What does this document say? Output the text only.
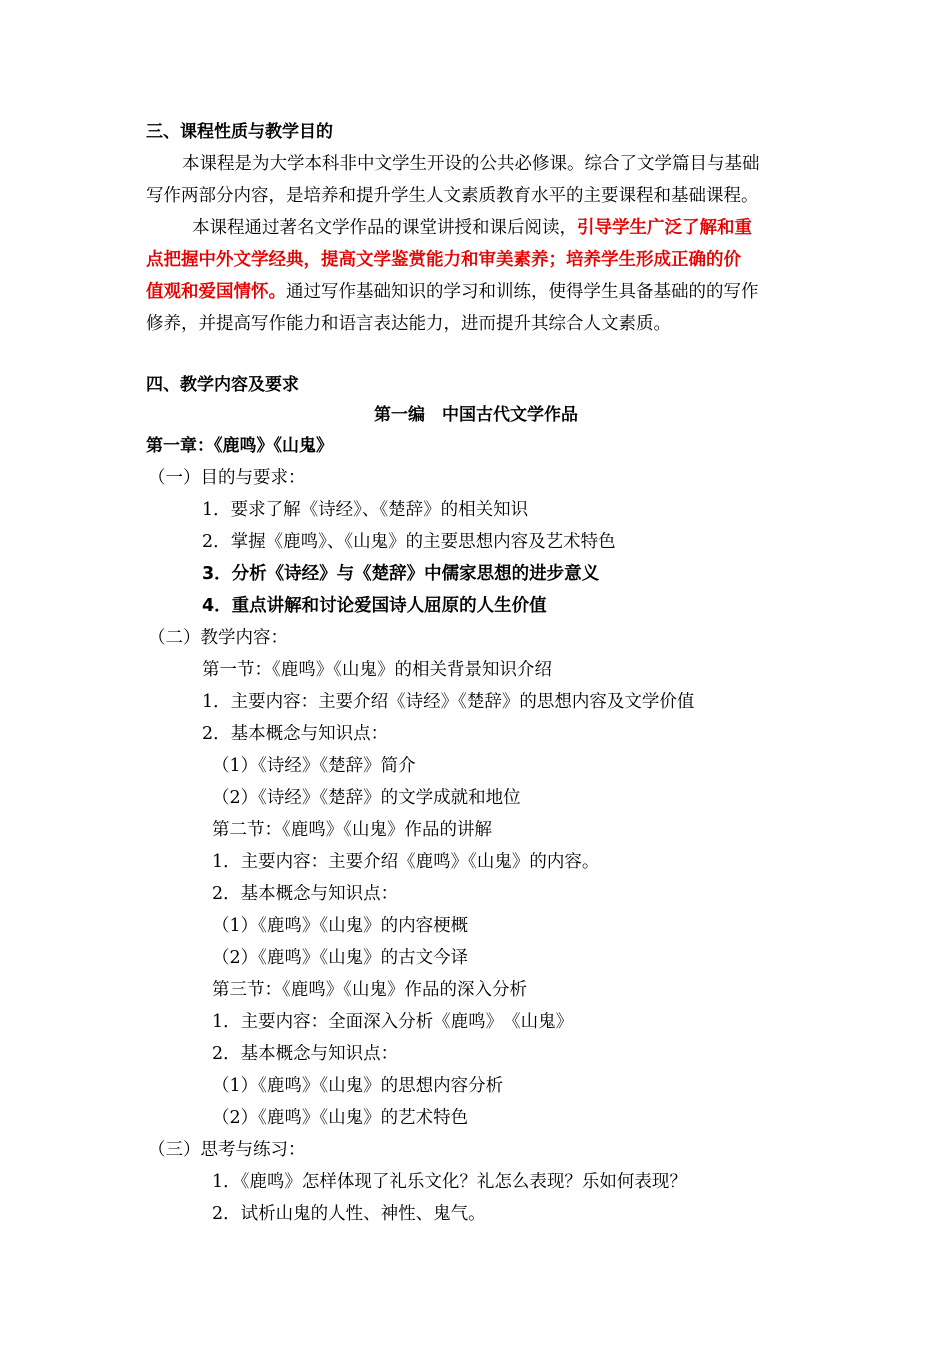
三、课程性质与教学目的
本课程是为大学本科非中文学生开设的公共必修课。综合了文学篇目与基础
写作两部分内容，是培养和提升学生人文素质教育水平的主要课程和基础课程。
本课程通过著名文学作品的课堂讲授和课后阅读，引导学生广泛了解和重
点把握中外文学经典，提高文学鉴赏能力和审美素养；培养学生形成正确的价
值观和爱国情怀。通过写作基础知识的学习和训练，使得学生具备基础的的写作
修养，并提高写作能力和语言表达能力，进而提升其综合人文素质。
四、教学内容及要求
第一编　中国古代文学作品
第一章：《鹿鸣》《山鬼》
（一）目的与要求：
1．要求了解《诗经》、《楚辞》的相关知识
2．掌握《鹿鸣》、《山鬼》的主要思想内容及艺术特色
3．分析《诗经》与《楚辞》中儒家思想的进步意义
4．重点讲解和讨论爱国诗人屈原的人生价值
（二）教学内容：
第一节：《鹿鸣》《山鬼》的相关背景知识介绍
1．主要内容：主要介绍《诗经》《楚辞》的思想内容及文学价值
2．基本概念与知识点：
（1）《诗经》《楚辞》简介
（2）《诗经》《楚辞》的文学成就和地位
第二节：《鹿鸣》《山鬼》作品的讲解
1．主要内容：主要介绍《鹿鸣》《山鬼》的内容。
2．基本概念与知识点：
（1）《鹿鸣》《山鬼》的内容梗概
（2）《鹿鸣》《山鬼》的古文今译
第三节：《鹿鸣》《山鬼》作品的深入分析
1．主要内容：全面深入分析《鹿鸣》　《山鬼》
2．基本概念与知识点：
（1）《鹿鸣》《山鬼》的思想内容分析
（2）《鹿鸣》《山鬼》的艺术特色
（三）思考与练习：
1．《鹿鸣》怎样体现了礼乐文化？礼怎么表现？乐如何表现？
2．试析山鬼的人性、神性、鬼气。
